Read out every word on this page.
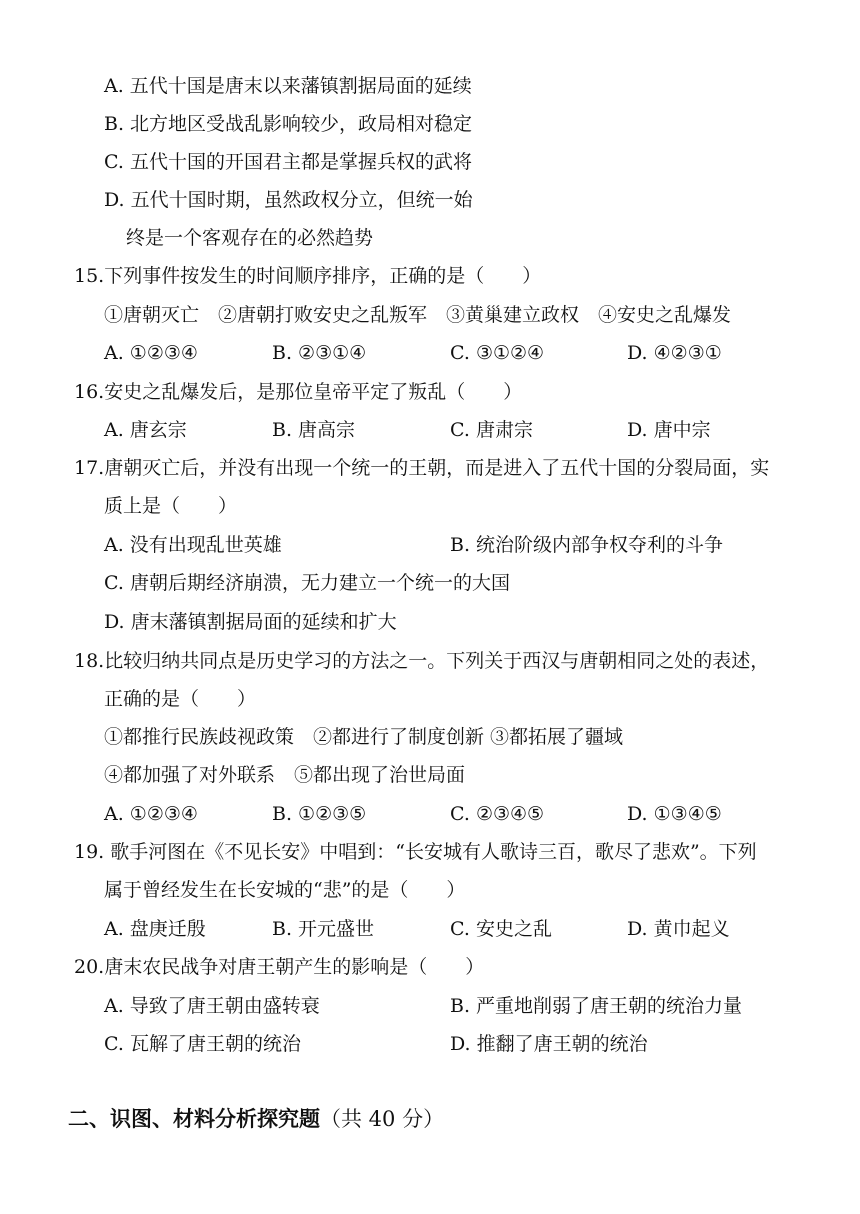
A. 五代十国是唐末以来藩镇割据局面的延续
B. 北方地区受战乱影响较少，政局相对稳定
C. 五代十国的开国君主都是掌握兵权的武将
D. 五代十国时期，虽然政权分立，但统一始
终是一个客观存在的必然趋势
15.下列事件按发生的时间顺序排序，正确的是（　　）
①唐朝灭亡　②唐朝打败安史之乱叛军　③黄巢建立政权　④安史之乱爆发
A. ①②③④	B. ②③①④	C. ③①②④	D. ④②③①
16.安史之乱爆发后，是那位皇帝平定了叛乱（　　）
A. 唐玄宗	B. 唐高宗	C. 唐肃宗	D. 唐中宗
17.唐朝灭亡后，并没有出现一个统一的王朝，而是进入了五代十国的分裂局面，实
质上是（　　）
A. 没有出现乱世英雄	B. 统治阶级内部争权夺利的斗争
C. 唐朝后期经济崩溃，无力建立一个统一的大国
D. 唐末藩镇割据局面的延续和扩大
18.比较归纳共同点是历史学习的方法之一。下列关于西汉与唐朝相同之处的表述，
正确的是（　　）
①都推行民族歧视政策　②都进行了制度创新 ③都拓展了疆域
④都加强了对外联系　⑤都出现了治世局面
A. ①②③④	B. ①②③⑤	C. ②③④⑤	D. ①③④⑤
19. 歌手河图在《不见长安》中唱到：“长安城有人歌诗三百，歌尽了悲欢”。下列
属于曾经发生在长安城的“悲”的是（　　）
A. 盘庚迁殷	B. 开元盛世	C. 安史之乱	D. 黄巾起义
20.唐末农民战争对唐王朝产生的影响是（　　）
A. 导致了唐王朝由盛转衰	B. 严重地削弱了唐王朝的统治力量
C. 瓦解了唐王朝的统治	D. 推翻了唐王朝的统治
二、识图、材料分析探究题（共 40 分）
